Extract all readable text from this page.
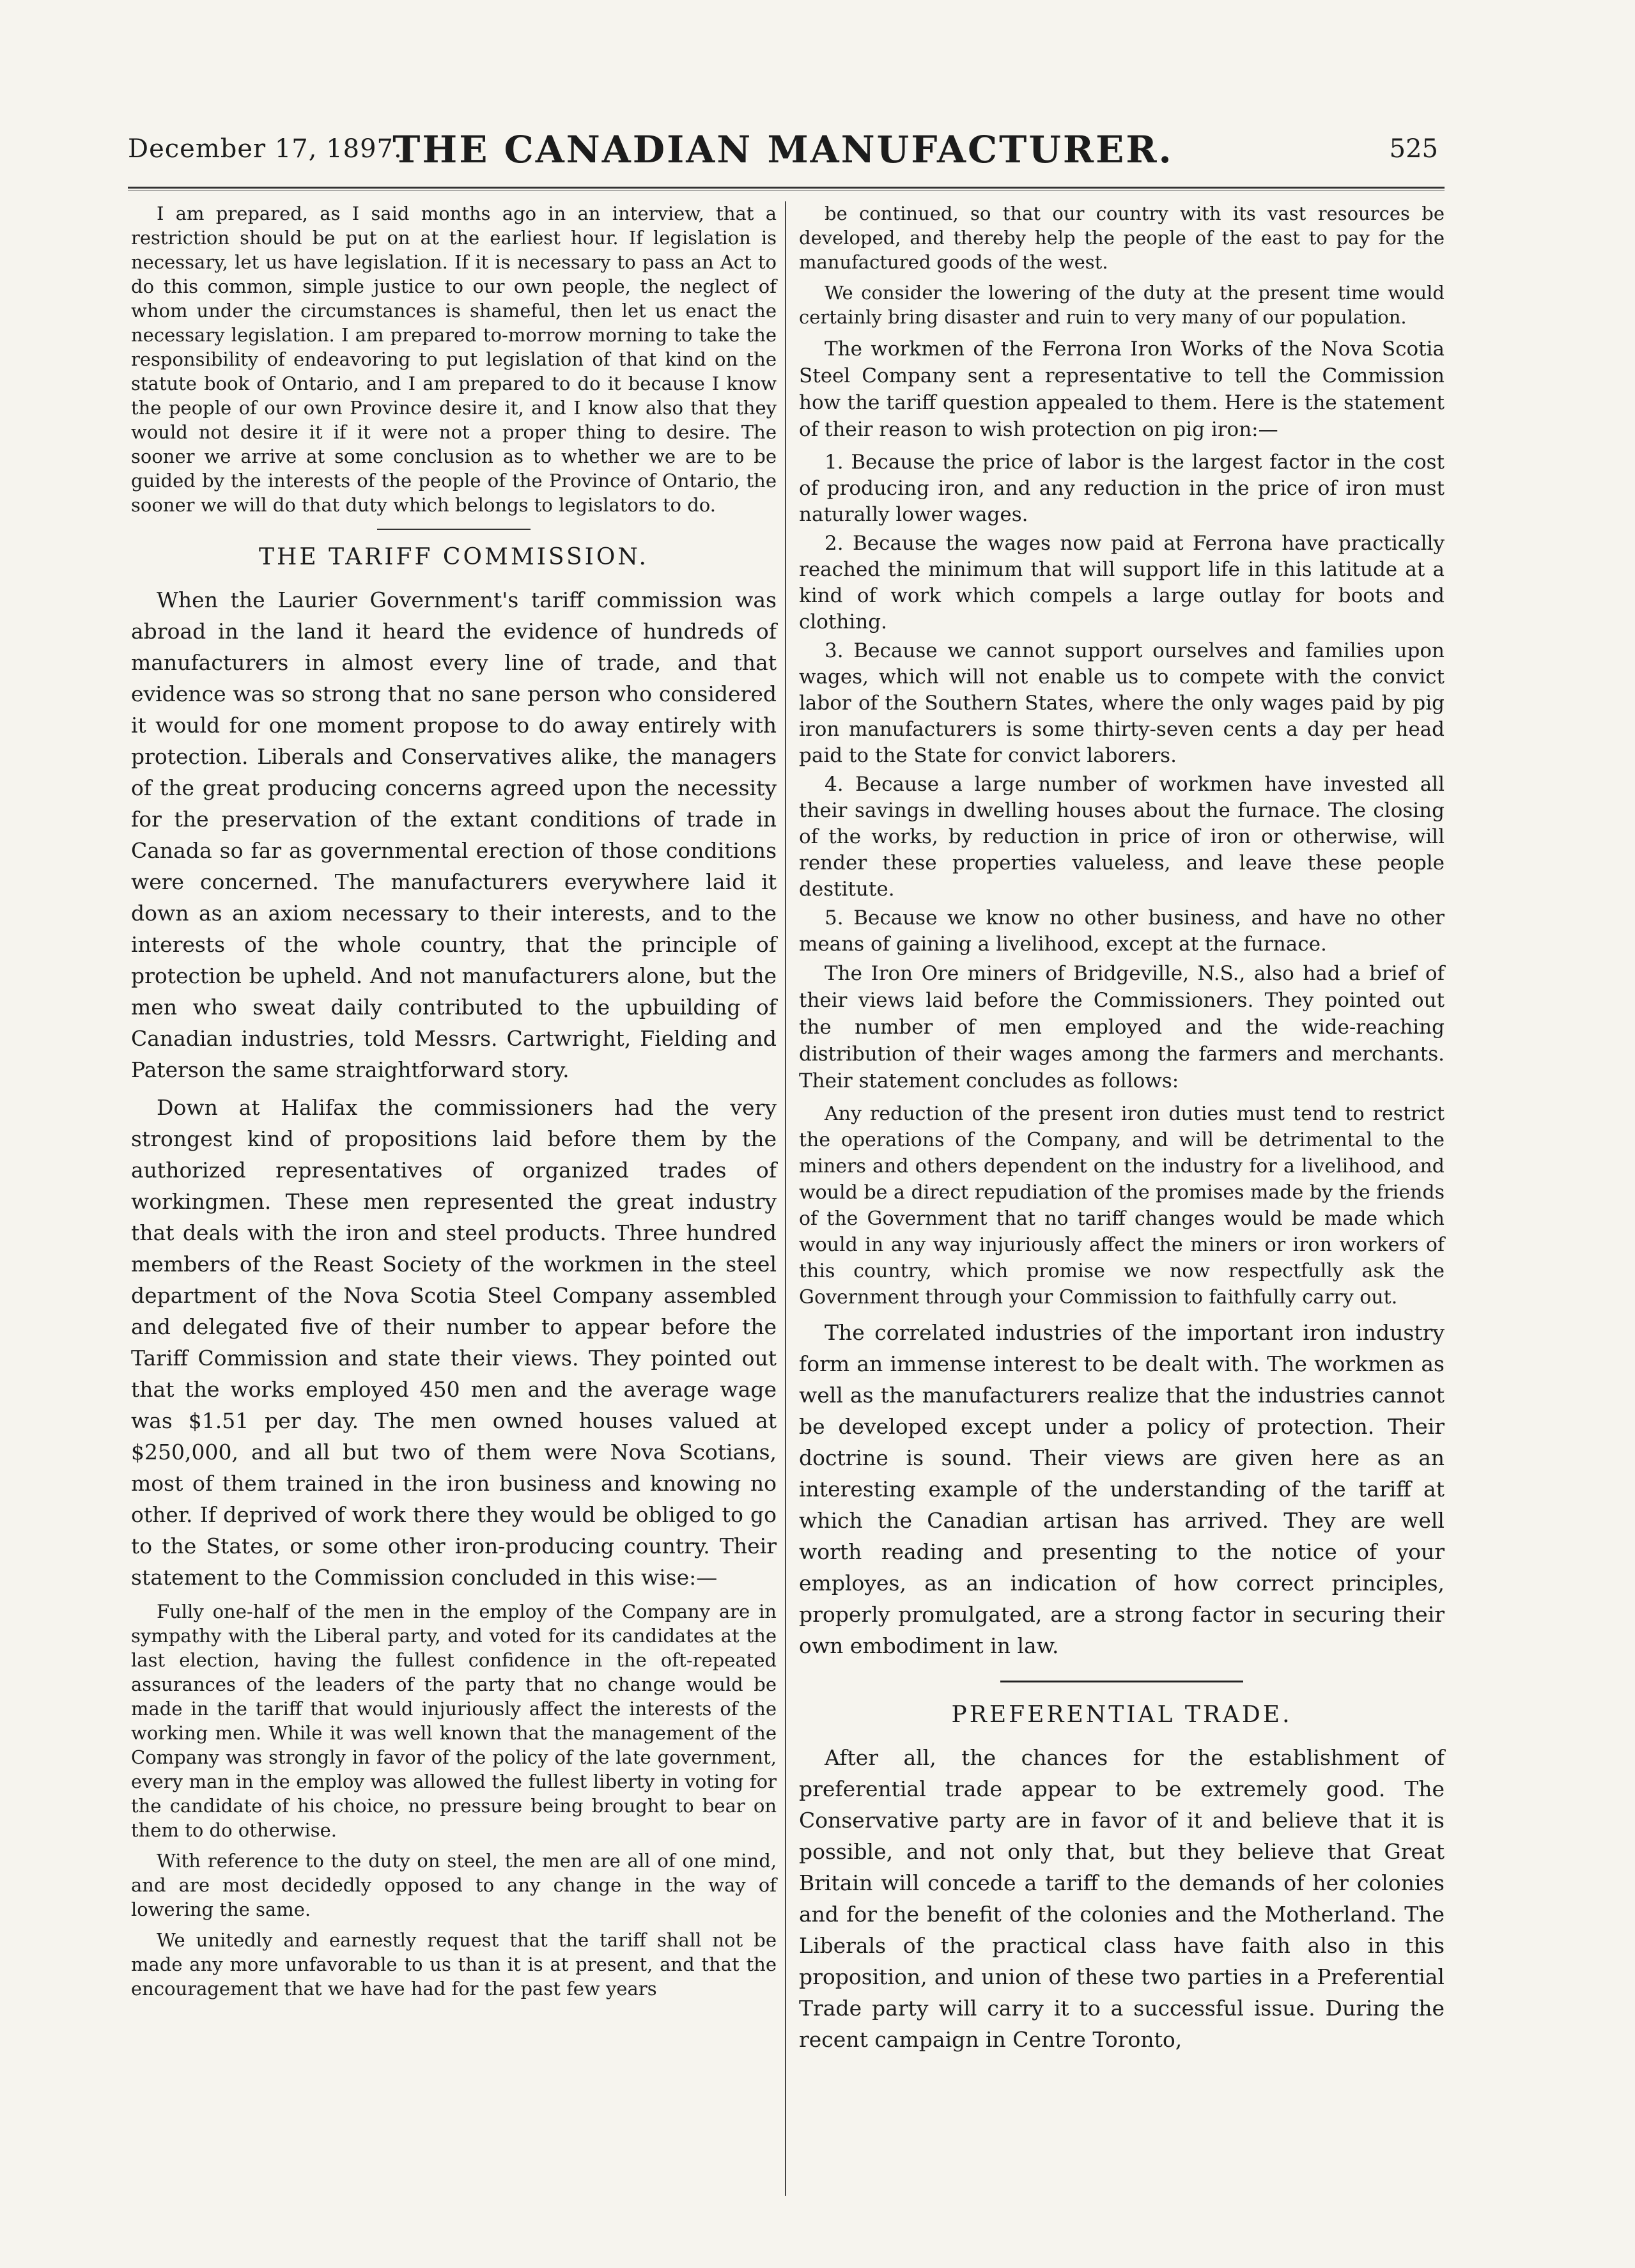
December 17, 1897.
THE CANADIAN MANUFACTURER.	525

I am prepared, as I said months ago in an interview, that a restriction should be put on at the earliest hour. If legislation is necessary, let us have legislation. If it is necessary to pass an Act to do this common, simple justice to our own people, the neglect of whom under the circumstances is shameful, then let us enact the necessary legislation. I am prepared to-morrow morning to take the responsibility of endeavoring to put legislation of that kind on the statute book of Ontario, and I am prepared to do it because I know the people of our own Province desire it, and I know also that they would not desire it if it were not a proper thing to desire. The sooner we arrive at some conclusion as to whether we are to be guided by the interests of the people of the Province of Ontario, the sooner we will do that duty which belongs to legislators to do.

THE TARIFF COMMISSION.

When the Laurier Government's tariff commission was abroad in the land it heard the evidence of hundreds of manufacturers in almost every line of trade, and that evidence was so strong that no sane person who considered it would for one moment propose to do away entirely with protection. Liberals and Conservatives alike, the managers of the great producing concerns agreed upon the necessity for the preservation of the extant conditions of trade in Canada so far as governmental erection of those conditions were concerned. The manufacturers everywhere laid it down as an axiom necessary to their interests, and to the interests of the whole country, that the principle of protection be upheld. And not manufacturers alone, but the men who sweat daily contributed to the upbuilding of Canadian industries, told Messrs. Cartwright, Fielding and Paterson the same straightforward story.

Down at Halifax the commissioners had the very strongest kind of propositions laid before them by the authorized representatives of organized trades of workingmen. These men represented the great industry that deals with the iron and steel products. Three hundred members of the Reast Society of the workmen in the steel department of the Nova Scotia Steel Company assembled and delegated five of their number to appear before the Tariff Commission and state their views. They pointed out that the works employed 450 men and the average wage was $1.51 per day. The men owned houses valued at $250,000, and all but two of them were Nova Scotians, most of them trained in the iron business and knowing no other. If deprived of work there they would be obliged to go to the States, or some other iron-producing country. Their statement to the Commission concluded in this wise:—

Fully one-half of the men in the employ of the Company are in sympathy with the Liberal party, and voted for its candidates at the last election, having the fullest confidence in the oft-repeated assurances of the leaders of the party that no change would be made in the tariff that would injuriously affect the interests of the working men. While it was well known that the management of the Company was strongly in favor of the policy of the late government, every man in the employ was allowed the fullest liberty in voting for the candidate of his choice, no pressure being brought to bear on them to do otherwise.

With reference to the duty on steel, the men are all of one mind, and are most decidedly opposed to any change in the way of lowering the same.

We unitedly and earnestly request that the tariff shall not be made any more unfavorable to us than it is at present, and that the encouragement that we have had for the past few years

be continued, so that our country with its vast resources be developed, and thereby help the people of the east to pay for the manufactured goods of the west.

We consider the lowering of the duty at the present time would certainly bring disaster and ruin to very many of our population.

The workmen of the Ferrona Iron Works of the Nova Scotia Steel Company sent a representative to tell the Commission how the tariff question appealed to them. Here is the statement of their reason to wish protection on pig iron:—

1. Because the price of labor is the largest factor in the cost of producing iron, and any reduction in the price of iron must naturally lower wages.

2. Because the wages now paid at Ferrona have practically reached the minimum that will support life in this latitude at a kind of work which compels a large outlay for boots and clothing.

3. Because we cannot support ourselves and families upon wages, which will not enable us to compete with the convict labor of the Southern States, where the only wages paid by pig iron manufacturers is some thirty-seven cents a day per head paid to the State for convict laborers.

4. Because a large number of workmen have invested all their savings in dwelling houses about the furnace. The closing of the works, by reduction in price of iron or otherwise, will render these properties valueless, and leave these people destitute.

5. Because we know no other business, and have no other means of gaining a livelihood, except at the furnace.

The Iron Ore miners of Bridgeville, N.S., also had a brief of their views laid before the Commissioners. They pointed out the number of men employed and the wide-reaching distribution of their wages among the farmers and merchants. Their statement concludes as follows:

Any reduction of the present iron duties must tend to restrict the operations of the Company, and will be detrimental to the miners and others dependent on the industry for a livelihood, and would be a direct repudiation of the promises made by the friends of the Government that no tariff changes would be made which would in any way injuriously affect the miners or iron workers of this country, which promise we now respectfully ask the Government through your Commission to faithfully carry out.

The correlated industries of the important iron industry form an immense interest to be dealt with. The workmen as well as the manufacturers realize that the industries cannot be developed except under a policy of protection. Their doctrine is sound. Their views are given here as an interesting example of the understanding of the tariff at which the Canadian artisan has arrived. They are well worth reading and presenting to the notice of your employes, as an indication of how correct principles, properly promulgated, are a strong factor in securing their own embodiment in law.

PREFERENTIAL TRADE.

After all, the chances for the establishment of preferential trade appear to be extremely good. The Conservative party are in favor of it and believe that it is possible, and not only that, but they believe that Great Britain will concede a tariff to the demands of her colonies and for the benefit of the colonies and the Motherland. The Liberals of the practical class have faith also in this proposition, and union of these two parties in a Preferential Trade party will carry it to a successful issue. During the recent campaign in Centre Toronto,
